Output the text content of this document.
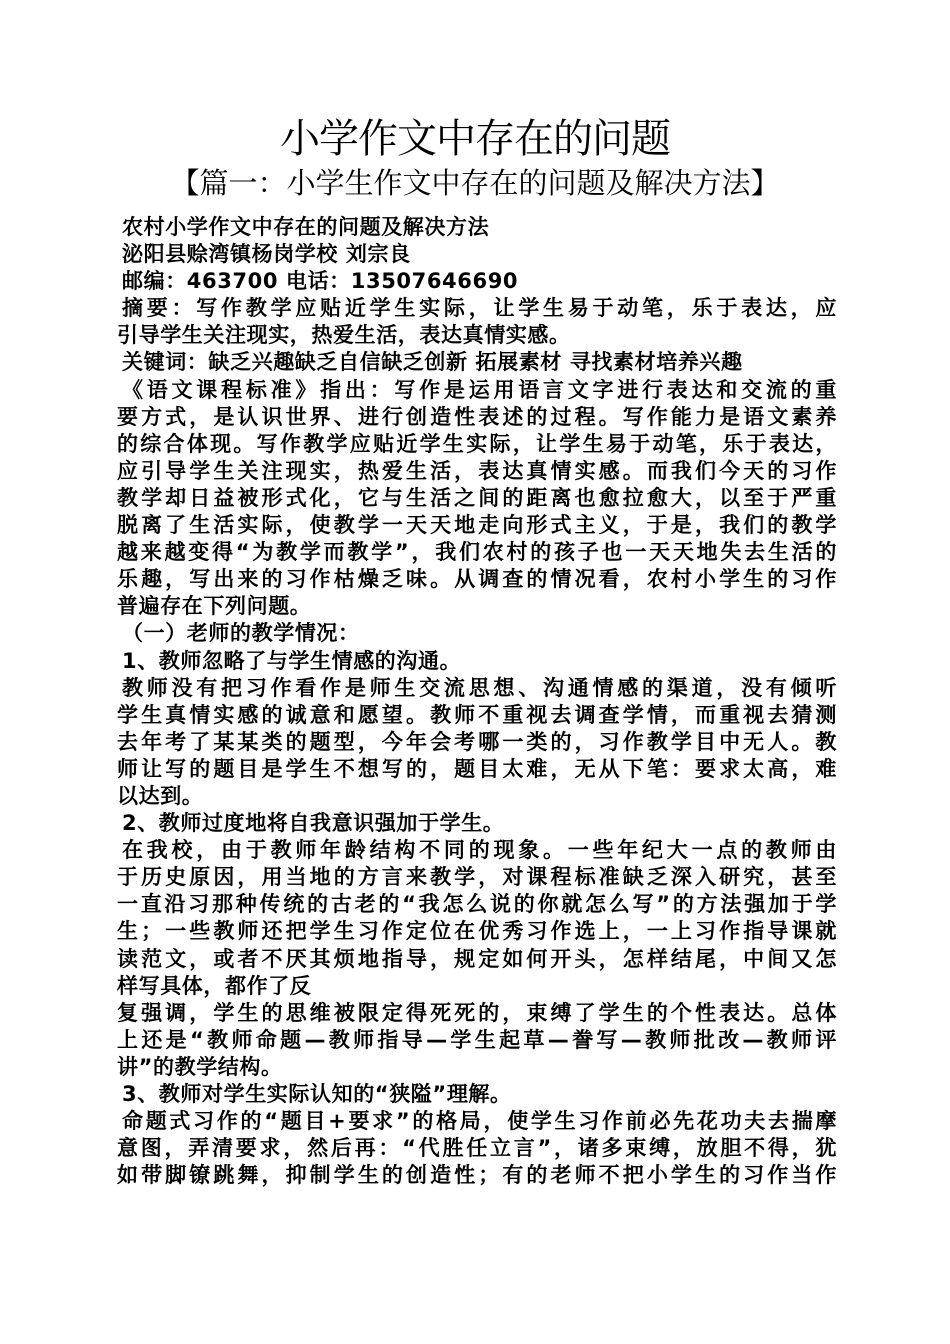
小学作文中存在的问题
【篇一：小学生作文中存在的问题及解决方法】
农村小学作文中存在的问题及解决方法
泌阳县赊湾镇杨岗学校 刘宗良
邮编：463700 电话：13507646690
摘要：写作教学应贴近学生实际，让学生易于动笔，乐于表达，应
引导学生关注现实，热爱生活，表达真情实感。
关键词：缺乏兴趣缺乏自信缺乏创新 拓展素材 寻找素材培养兴趣
《语文课程标准》指出：写作是运用语言文字进行表达和交流的重
要方式，是认识世界、进行创造性表述的过程。写作能力是语文素养
的综合体现。写作教学应贴近学生实际，让学生易于动笔，乐于表达，
应引导学生关注现实，热爱生活，表达真情实感。而我们今天的习作
教学却日益被形式化，它与生活之间的距离也愈拉愈大，以至于严重
脱离了生活实际，使教学一天天地走向形式主义，于是，我们的教学
越来越变得“为教学而教学”，我们农村的孩子也一天天地失去生活的
乐趣，写出来的习作枯燥乏味。从调查的情况看，农村小学生的习作
普遍存在下列问题。
（一）老师的教学情况：
1、教师忽略了与学生情感的沟通。
教师没有把习作看作是师生交流思想、沟通情感的渠道，没有倾听
学生真情实感的诚意和愿望。教师不重视去调查学情，而重视去猜测
去年考了某某类的题型，今年会考哪一类的，习作教学目中无人。教
师让写的题目是学生不想写的，题目太难，无从下笔：要求太高，难
以达到。
2、教师过度地将自我意识强加于学生。
在我校，由于教师年龄结构不同的现象。一些年纪大一点的教师由
于历史原因，用当地的方言来教学，对课程标准缺乏深入研究，甚至
一直沿习那种传统的古老的“我怎么说的你就怎么写”的方法强加于学
生；一些教师还把学生习作定位在优秀习作选上，一上习作指导课就
读范文，或者不厌其烦地指导，规定如何开头，怎样结尾，中间又怎
样写具体，都作了反
复强调，学生的思维被限定得死死的，束缚了学生的个性表达。总体
上还是“教师命题—教师指导—学生起草—誊写—教师批改—教师评
讲”的教学结构。
3、教师对学生实际认知的“狭隘”理解。
命题式习作的“题目+要求”的格局，使学生习作前必先花功夫去揣摩
意图，弄清要求，然后再：“代胜任立言”，诸多束缚，放胆不得，犹
如带脚镣跳舞，抑制学生的创造性；有的老师不把小学生的习作当作
